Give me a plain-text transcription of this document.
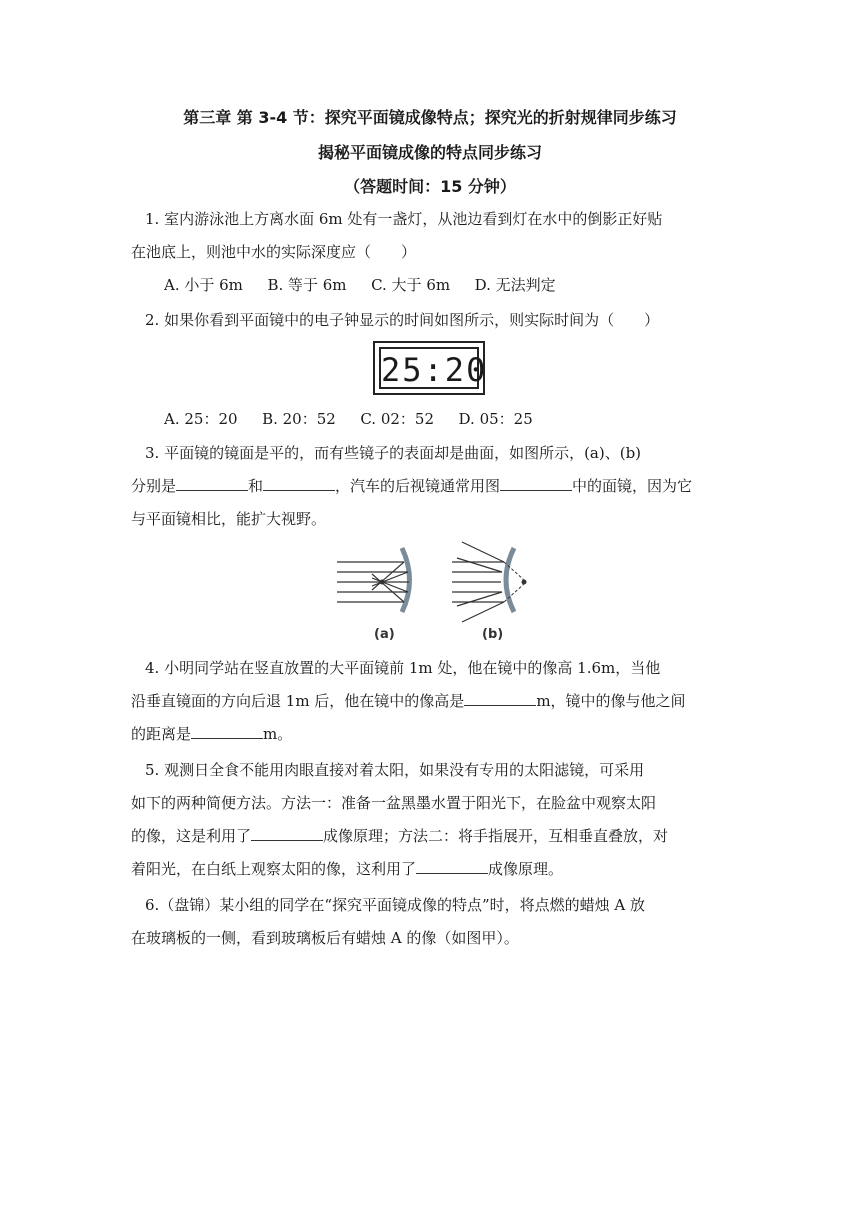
第三章 第 3-4 节：探究平面镜成像特点；探究光的折射规律同步练习
揭秘平面镜成像的特点同步练习
（答题时间：15 分钟）
1. 室内游泳池上方离水面 6m 处有一盏灯，从池边看到灯在水中的倒影正好贴
在池底上，则池中水的实际深度应（　　）
A. 小于 6m　  B. 等于 6m　  C. 大于 6m　  D. 无法判定
2. 如果你看到平面镜中的电子钟显示的时间如图所示，则实际时间为（　　）
25:20
A. 25：20　  B. 20：52　  C. 02：52　  D. 05：25
3. 平面镜的镜面是平的，而有些镜子的表面却是曲面，如图所示，(a)、(b)
分别是	和	，汽车的后视镜通常用图	中的面镜，因为它
与平面镜相比，能扩大视野。
(a)	(b)
4. 小明同学站在竖直放置的大平面镜前 1m 处，他在镜中的像高 1.6m，当他
沿垂直镜面的方向后退 1m 后，他在镜中的像高是	m，镜中的像与他之间
的距离是	m。
5. 观测日全食不能用肉眼直接对着太阳，如果没有专用的太阳滤镜，可采用
如下的两种简便方法。方法一：准备一盆黑墨水置于阳光下，在脸盆中观察太阳
的像，这是利用了	成像原理；方法二：将手指展开，互相垂直叠放，对
着阳光，在白纸上观察太阳的像，这利用了	成像原理。
6.（盘锦）某小组的同学在“探究平面镜成像的特点”时，将点燃的蜡烛 A 放
在玻璃板的一侧，看到玻璃板后有蜡烛 A 的像（如图甲）。
